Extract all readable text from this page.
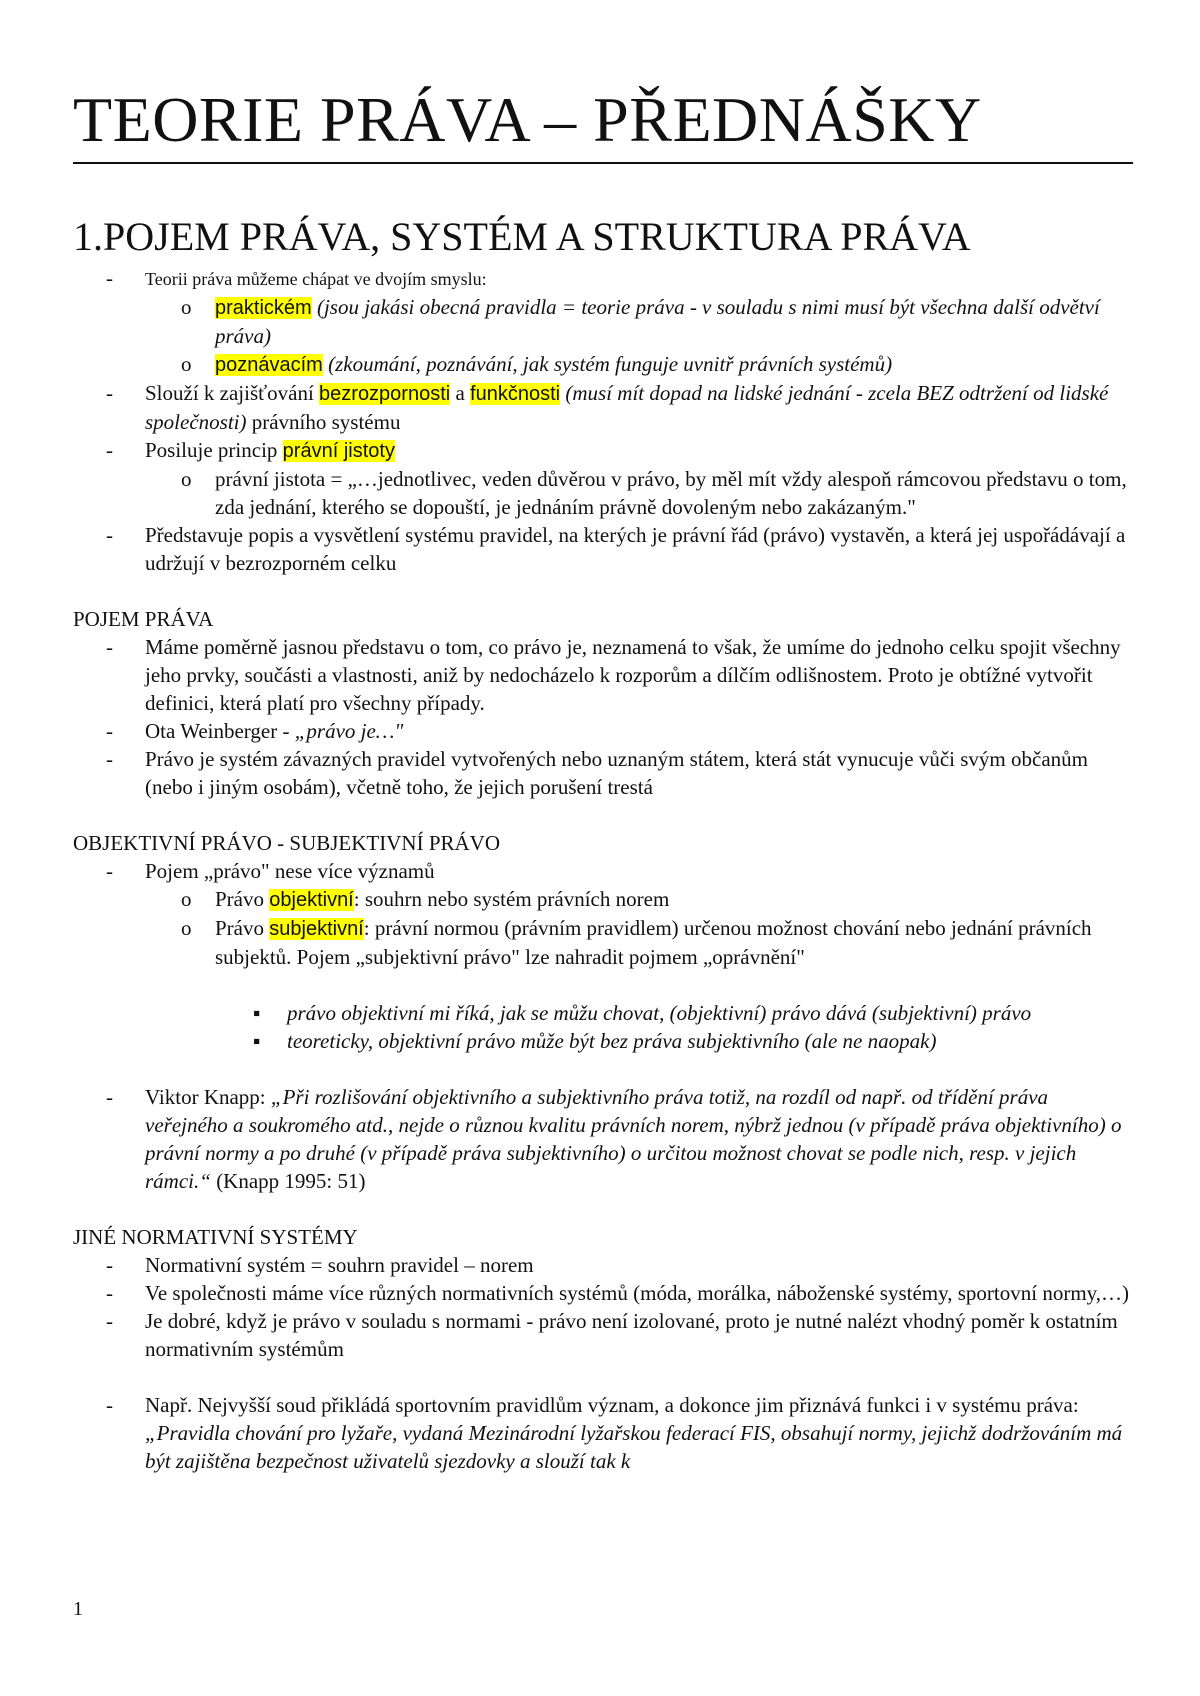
TEORIE PRÁVA – PŘEDNÁŠKY
1.POJEM PRÁVA, SYSTÉM A STRUKTURA PRÁVA
- Teorii práva můžeme chápat ve dvojím smyslu:
o praktickém (jsou jakási obecná pravidla = teorie práva - v souladu s nimi musí být všechna další odvětví práva)
o poznávacím (zkoumání, poznávání, jak systém funguje uvnitř právních systémů)
- Slouží k zajišťování bezrozpornosti a funkčnosti (musí mít dopad na lidské jednání - zcela BEZ odtržení od lidské společnosti) právního systému
- Posiluje princip právní jistoty
o právní jistota = „…jednotlivec, veden důvěrou v právo, by měl mít vždy alespoň rámcovou představu o tom, zda jednání, kterého se dopouští, je jednáním právně dovoleným nebo zakázaným."
- Představuje popis a vysvětlení systému pravidel, na kterých je právní řád (právo) vystavěn, a která jej uspořádávají a udržují v bezrozporném celku
POJEM PRÁVA
- Máme poměrně jasnou představu o tom, co právo je, neznamená to však, že umíme do jednoho celku spojit všechny jeho prvky, součásti a vlastnosti, aniž by nedocházelo k rozporům a dílčím odlišnostem. Proto je obtížné vytvořit definici, která platí pro všechny případy.
- Ota Weinberger - „právo je…"
- Právo je systém závazných pravidel vytvořených nebo uznaným státem, která stát vynucuje vůči svým občanům (nebo i jiným osobám), včetně toho, že jejich porušení trestá
OBJEKTIVNÍ PRÁVO - SUBJEKTIVNÍ PRÁVO
- Pojem „právo" nese více významů
o Právo objektivní: souhrn nebo systém právních norem
o Právo subjektivní: právní normou (právním pravidlem) určenou možnost chování nebo jednání právních subjektů. Pojem „subjektivní právo" lze nahradit pojmem „oprávnění"
▪ právo objektivní mi říká, jak se můžu chovat, (objektivní) právo dává (subjektivní) právo
▪ teoreticky, objektivní právo může být bez práva subjektivního (ale ne naopak)
- Viktor Knapp: „Při rozlišování objektivního a subjektivního práva totiž, na rozdíl od např. od třídění práva veřejného a soukromého atd., nejde o různou kvalitu právních norem, nýbrž jednou (v případě práva objektivního) o právní normy a po druhé (v případě práva subjektivního) o určitou možnost chovat se podle nich, resp. v jejich rámci.“ (Knapp 1995: 51)
JINÉ NORMATIVNÍ SYSTÉMY
- Normativní systém = souhrn pravidel – norem
- Ve společnosti máme více různých normativních systémů (móda, morálka, náboženské systémy, sportovní normy,…)
- Je dobré, když je právo v souladu s normami - právo není izolované, proto je nutné nalézt vhodný poměr k ostatním normativním systémům
- Např. Nejvyšší soud přikládá sportovním pravidlům význam, a dokonce jim přiznává funkci i v systému práva: „Pravidla chování pro lyžaře, vydaná Mezinárodní lyžařskou federací FIS, obsahují normy, jejichž dodržováním má být zajištěna bezpečnost uživatelů sjezdovky a slouží tak k
1
